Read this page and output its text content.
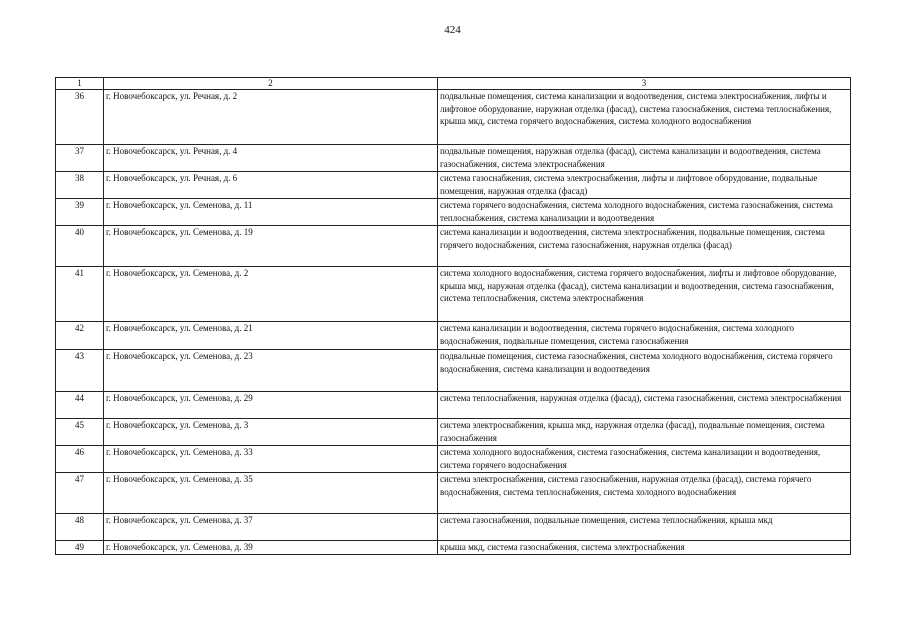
424
1	2	3
36	г. Новочебоксарск, ул. Речная, д. 2	подвальные помещения, система канализации и водоотведения, система электроснабжения, лифты и лифтовое оборудование, наружная отделка (фасад), система газоснабжения, система теплоснабжения, крыша мкд, система горячего водоснабжения, система холодного водоснабжения
37	г. Новочебоксарск, ул. Речная, д. 4	подвальные помещения, наружная отделка (фасад), система канализации и водоотведения, система газоснабжения, система электроснабжения
38	г. Новочебоксарск, ул. Речная, д. 6	система газоснабжения, система электроснабжения, лифты и лифтовое оборудование, подвальные помещения, наружная отделка (фасад)
39	г. Новочебоксарск, ул. Семенова, д. 11	система горячего водоснабжения, система холодного водоснабжения, система газоснабжения, система теплоснабжения, система канализации и водоотведения
40	г. Новочебоксарск, ул. Семенова, д. 19	система канализации и водоотведения, система электроснабжения, подвальные помещения, система горячего водоснабжения, система газоснабжения, наружная отделка (фасад)
41	г. Новочебоксарск, ул. Семенова, д. 2	система холодного водоснабжения, система горячего водоснабжения, лифты и лифтовое оборудование, крыша мкд, наружная отделка (фасад), система канализации и водоотведения, система газоснабжения, система теплоснабжения, система электроснабжения
42	г. Новочебоксарск, ул. Семенова, д. 21	система канализации и водоотведения, система горячего водоснабжения, система холодного водоснабжения, подвальные помещения, система газоснабжения
43	г. Новочебоксарск, ул. Семенова, д. 23	подвальные помещения, система газоснабжения, система холодного водоснабжения, система горячего водоснабжения, система канализации и водоотведения
44	г. Новочебоксарск, ул. Семенова, д. 29	система теплоснабжения, наружная отделка (фасад), система газоснабжения, система электроснабжения
45	г. Новочебоксарск, ул. Семенова, д. 3	система электроснабжения, крыша мкд, наружная отделка (фасад), подвальные помещения, система газоснабжения
46	г. Новочебоксарск, ул. Семенова, д. 33	система холодного водоснабжения, система газоснабжения, система канализации и водоотведения, система горячего водоснабжения
47	г. Новочебоксарск, ул. Семенова, д. 35	система электроснабжения, система газоснабжения, наружная отделка (фасад), система горячего водоснабжения, система теплоснабжения, система холодного водоснабжения
48	г. Новочебоксарск, ул. Семенова, д. 37	система газоснабжения, подвальные помещения, система теплоснабжения, крыша мкд
49	г. Новочебоксарск, ул. Семенова, д. 39	крыша мкд, система газоснабжения, система электроснабжения
